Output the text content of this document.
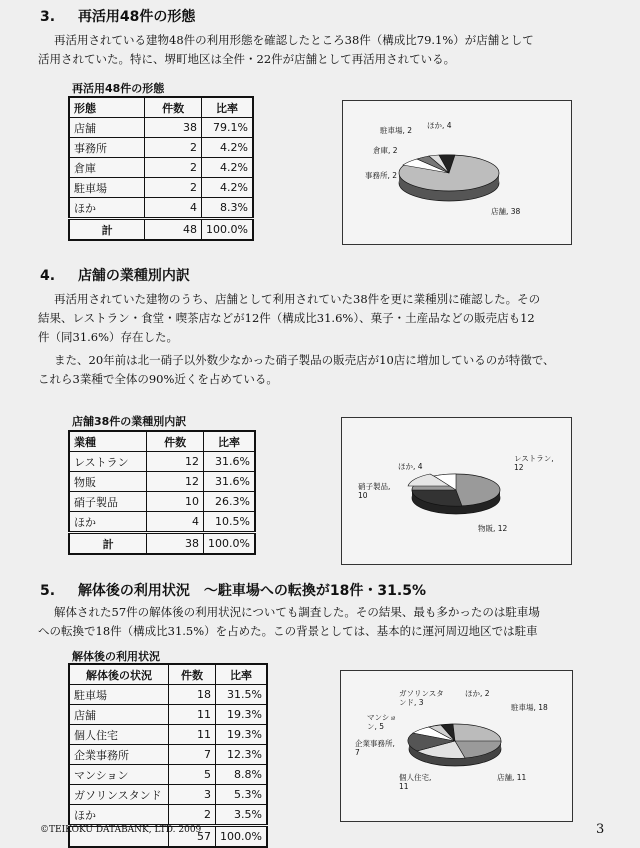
3. 再活用48件の形態
再活用されている建物48件の利用形態を確認したところ38件（構成比79.1%）が店舗として
活用されていた。特に、堺町地区は全件・22件が店舗として再活用されている。
再活用48件の形態
形態	件数	比率
店舗	38	79.1%
事務所	2	4.2%
倉庫	2	4.2%
駐車場	2	4.2%
ほか	4	8.3%
計	48	100.0%
駐車場, 2
ほか, 4
倉庫, 2
事務所, 2
店舗, 38
4. 店舗の業種別内訳
再活用されていた建物のうち、店舗として利用されていた38件を更に業種別に確認した。その
結果、レストラン・食堂・喫茶店などが12件（構成比31.6%）、菓子・土産品などの販売店も12
件（同31.6%）存在した。
また、20年前は北一硝子以外数少なかった硝子製品の販売店が10店に増加しているのが特徴で、
これら3業種で全体の90%近くを占めている。
店舗38件の業種別内訳
業種	件数	比率
レストラン	12	31.6%
物販	12	31.6%
硝子製品	10	26.3%
ほか	4	10.5%
計	38	100.0%
ほか, 4
レストラン, 12
硝子製品, 10
物販, 12
5. 解体後の利用状況　～駐車場への転換が18件・31.5%
解体された57件の解体後の利用状況についても調査した。その結果、最も多かったのは駐車場
への転換で18件（構成比31.5%）を占めた。この背景としては、基本的に運河周辺地区では駐車
解体後の利用状況
解体後の状況	件数	比率
駐車場	18	31.5%
店舗	11	19.3%
個人住宅	11	19.3%
企業事務所	7	12.3%
マンション	5	8.8%
ガソリンスタンド	3	5.3%
ほか	2	3.5%
	57	100.0%
ガソリンスタンド, 3
ほか, 2
駐車場, 18
マンション, 5
企業事務所, 7
個人住宅, 11
店舗, 11
©TEIKOKU DATABANK, LTD. 2009	3
